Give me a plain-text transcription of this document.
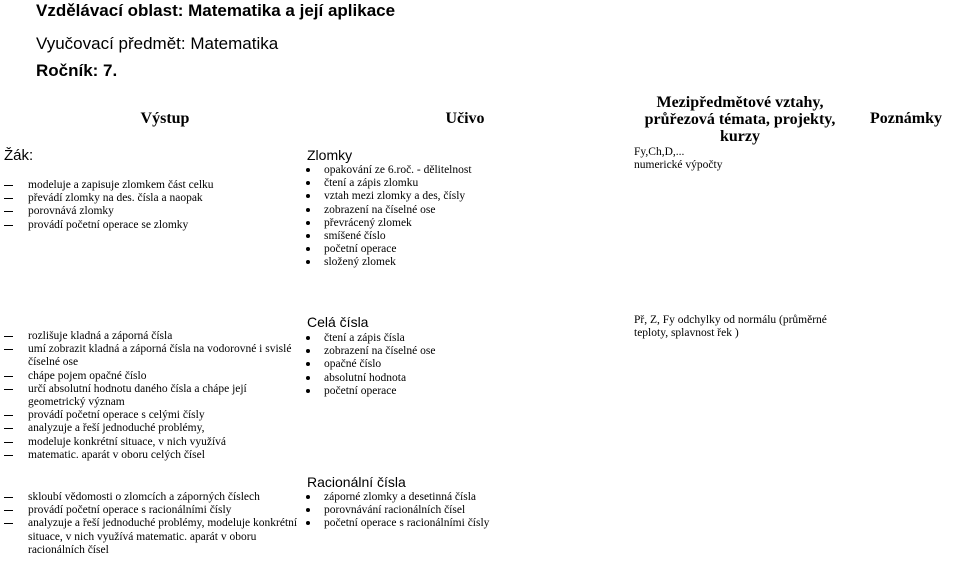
Vzdělávací oblast: Matematika a její aplikace
Vyučovací předmět: Matematika
Ročník: 7.
Výstup	Učivo
Mezipředmětové vztahy,
průřezová témata, projekty,
kurzy
Poznámky
Žák:
modeluje a zapisuje zlomkem část celku
převádí zlomky na des. čísla a naopak
porovnává zlomky
provádí početní operace se zlomky
Zlomky
opakování ze 6.roč. - dělitelnost
čtení a zápis zlomku
vztah mezi zlomky a des, čísly
zobrazení na číselné ose
převrácený zlomek
smíšené číslo
početní operace
složený zlomek
Fy,Ch,D,...
numerické výpočty
rozlišuje kladná a záporná čísla
umí zobrazit kladná a záporná čísla na vodorovné i svislé
číselné ose
chápe pojem opačné číslo
určí absolutní hodnotu daného čísla a chápe její
geometrický význam
provádí početní operace s celými čísly
analyzuje a řeší jednoduché problémy,
modeluje konkrétní situace, v nich využívá
matematic. aparát v oboru celých čísel
Celá čísla
čtení a zápis čísla
zobrazení na číselné ose
opačné číslo
absolutní hodnota
početní operace
Př, Z, Fy odchylky od normálu (průměrné
teploty, splavnost řek )
skloubí vědomosti o zlomcích a záporných číslech
provádí početní operace s racionálními čísly
analyzuje a řeší jednoduché problémy, modeluje konkrétní
situace, v nich využívá matematic. aparát v oboru
racionálních čísel
Racionální čísla
záporné zlomky a desetinná čísla
porovnávání racionálních čísel
početní operace s racionálními čísly
